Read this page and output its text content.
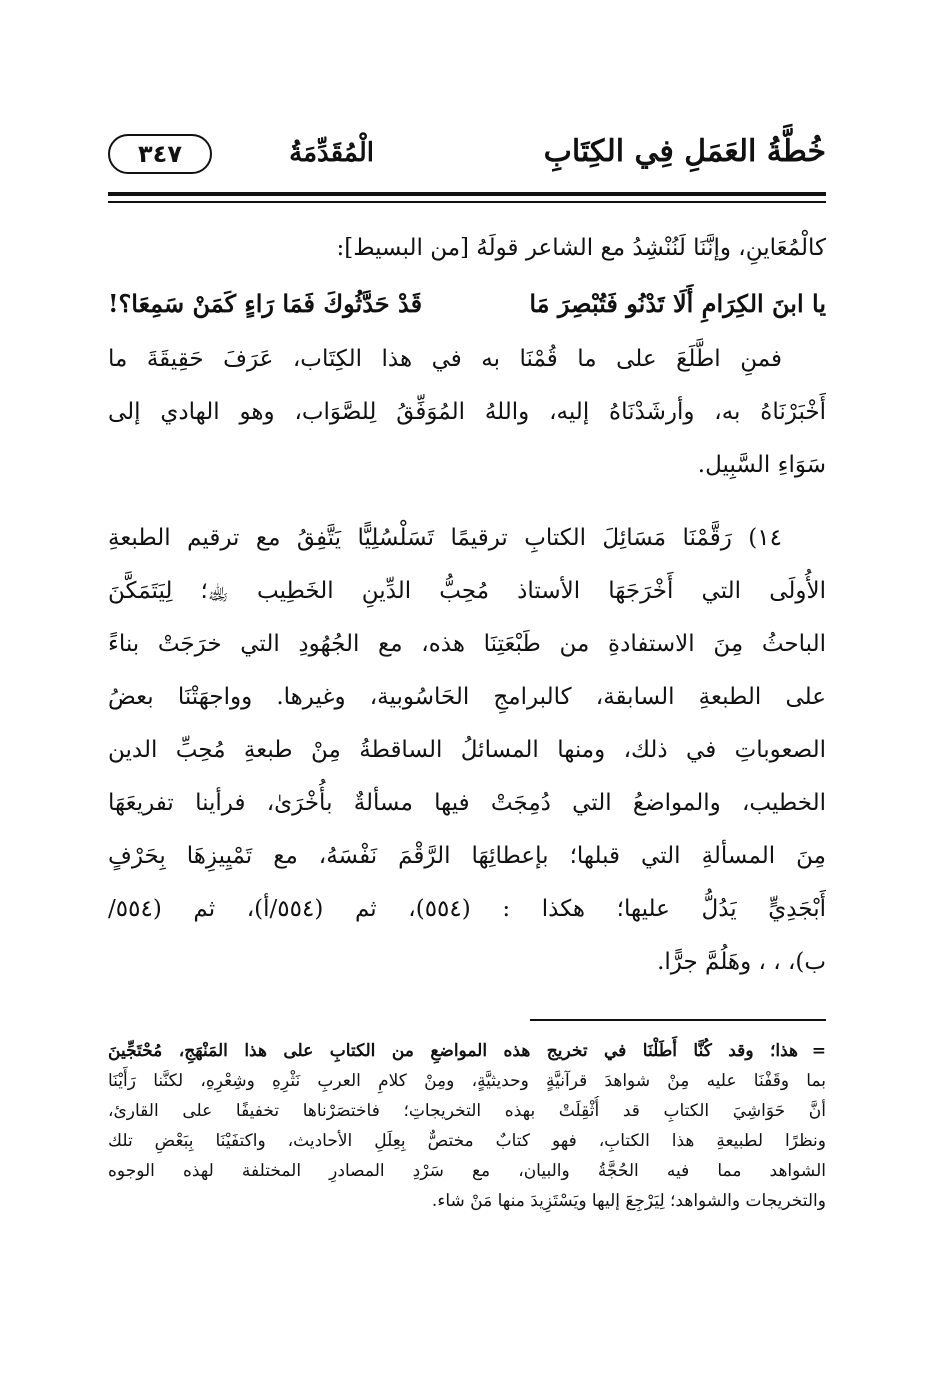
خُطَّةُ العَمَلِ فِي الكِتَابِ
الْمُقَدِّمَةُ
٣٤٧
كالْمُعَاينِ، وإنَّنَا لَنُنْشِدُ مع الشاعر قولَهُ [من البسيط]:
يا ابنَ الكِرَامِ أَلَا تَدْنُو فَتُبْصِرَ مَا
قَدْ حَدَّثُوكَ فَمَا رَاءٍ كَمَنْ سَمِعَا؟!
فمنِ اطَّلَعَ على ما قُمْنَا به في هذا الكِتَاب، عَرَفَ حَقِيقَةَ ما
أَخْبَرْنَاهُ به، وأرشَدْنَاهُ إليه، واللهُ المُوَفِّقُ لِلصَّوَاب، وهو الهادي إلى
سَوَاءِ السَّبِيل.
١٤) رَقَّمْنَا مَسَائِلَ الكتابِ ترقيمًا تَسَلْسُلِيًّا يَتَّفِقُ مع ترقيم الطبعةِ
الأُولَى التي أَخْرَجَهَا الأستاذ مُحِبُّ الدِّينِ الخَطِيب ﵀؛ لِيَتَمَكَّنَ
الباحثُ مِنَ الاستفادةِ من طَبْعَتِنَا هذه، مع الجُهُودِ التي خرَجَتْ بناءً
على الطبعةِ السابقة، كالبرامجِ الحَاسُوبية، وغيرها. وواجهَتْنَا بعضُ
الصعوباتِ في ذلك، ومنها المسائلُ الساقطةُ مِنْ طبعةِ مُحِبِّ الدين
الخطيب، والمواضعُ التي دُمِجَتْ فيها مسألةٌ بأُخْرَىٰ، فرأينا تفريعَهَا
مِنَ المسألةِ التي قبلها؛ بإعطائِهَا الرَّقْمَ نَفْسَهُ، مع تَمْيِيزِهَا بِحَرْفٍ
أَبْجَدِيٍّ يَدُلُّ عليها؛ هكذا : (٥٥٤)، ثم (٥٥٤/أ)، ثم (٥٥٤/
ب)، ، ، وهَلُمَّ جرًّا.
=
هذا؛ وقد كُنَّا أَطَلْنَا في تخريج هذه المواضعِ من الكتابِ على هذا المَنْهَجِ، مُحْتَجِّينَ
بما وقَفْنَا عليه مِنْ شواهدَ قرآنيَّةٍ وحديثيَّةٍ، ومِنْ كلامِ العربِ نَثْرِهِ وشِعْرِهِ، لكنَّنا رَأَيْنَا
أنَّ حَوَاشِيَ الكتابِ قد أُثْقِلَتْ بهذه التخريجاتِ؛ فاختصَرْناها تخفيفًا على القارئ،
ونظرًا لطبيعةِ هذا الكتابِ، فهو كتابٌ مختصٌّ بِعِلَلِ الأحاديث، واكتفَيْنَا بِبَعْضِ تلك
الشواهد مما فيه الحُجَّةُ والبيان، مع سَرْدِ المصادرِ المختلفة لهذه الوجوه
والتخريجات والشواهد؛ لِيَرْجِعَ إليها ويَسْتَزِيدَ منها مَنْ شاء.
